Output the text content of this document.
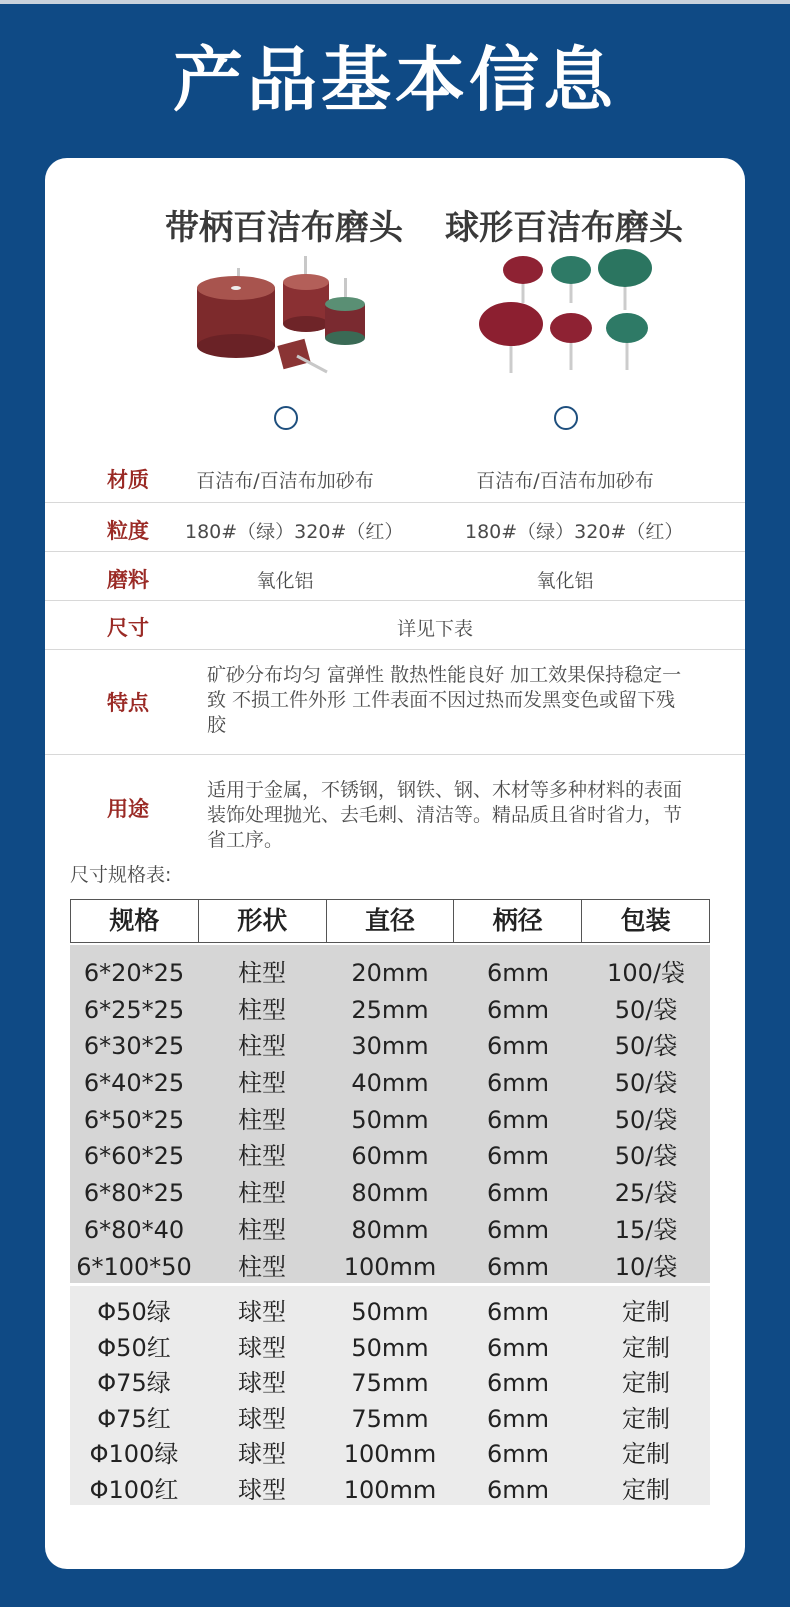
产品基本信息
带柄百洁布磨头 球形百洁布磨头
材质	百洁布/百洁布加砂布	百洁布/百洁布加砂布
粒度 180#（绿）320#（红）	180#（绿）320#（红）
磨料	氧化铝	氧化铝
尺寸	详见下表
特点
矿砂分布均匀 富弹性 散热性能良好 加工效果保持稳定一致 不损工件外形 工件表面不因过热而发黑变色或留下残胶
用途
适用于金属，不锈钢，钢铁、钢、木材等多种材料的表面装饰处理抛光、去毛刺、清洁等。精品质且省时省力，节省工序。
尺寸规格表:
规格	形状	直径	柄径	包装
6*20*25	柱型	20mm	6mm	100/袋
6*25*25	柱型	25mm	6mm	50/袋
6*30*25	柱型	30mm	6mm	50/袋
6*40*25	柱型	40mm	6mm	50/袋
6*50*25	柱型	50mm	6mm	50/袋
6*60*25	柱型	60mm	6mm	50/袋
6*80*25	柱型	80mm	6mm	25/袋
6*80*40	柱型	80mm	6mm	15/袋
6*100*50	柱型	100mm	6mm	10/袋
Φ50绿	球型	50mm	6mm	定制
Φ50红	球型	50mm	6mm	定制
Φ75绿	球型	75mm	6mm	定制
Φ75红	球型	75mm	6mm	定制
Φ100绿	球型	100mm	6mm	定制
Φ100红	球型	100mm	6mm	定制
